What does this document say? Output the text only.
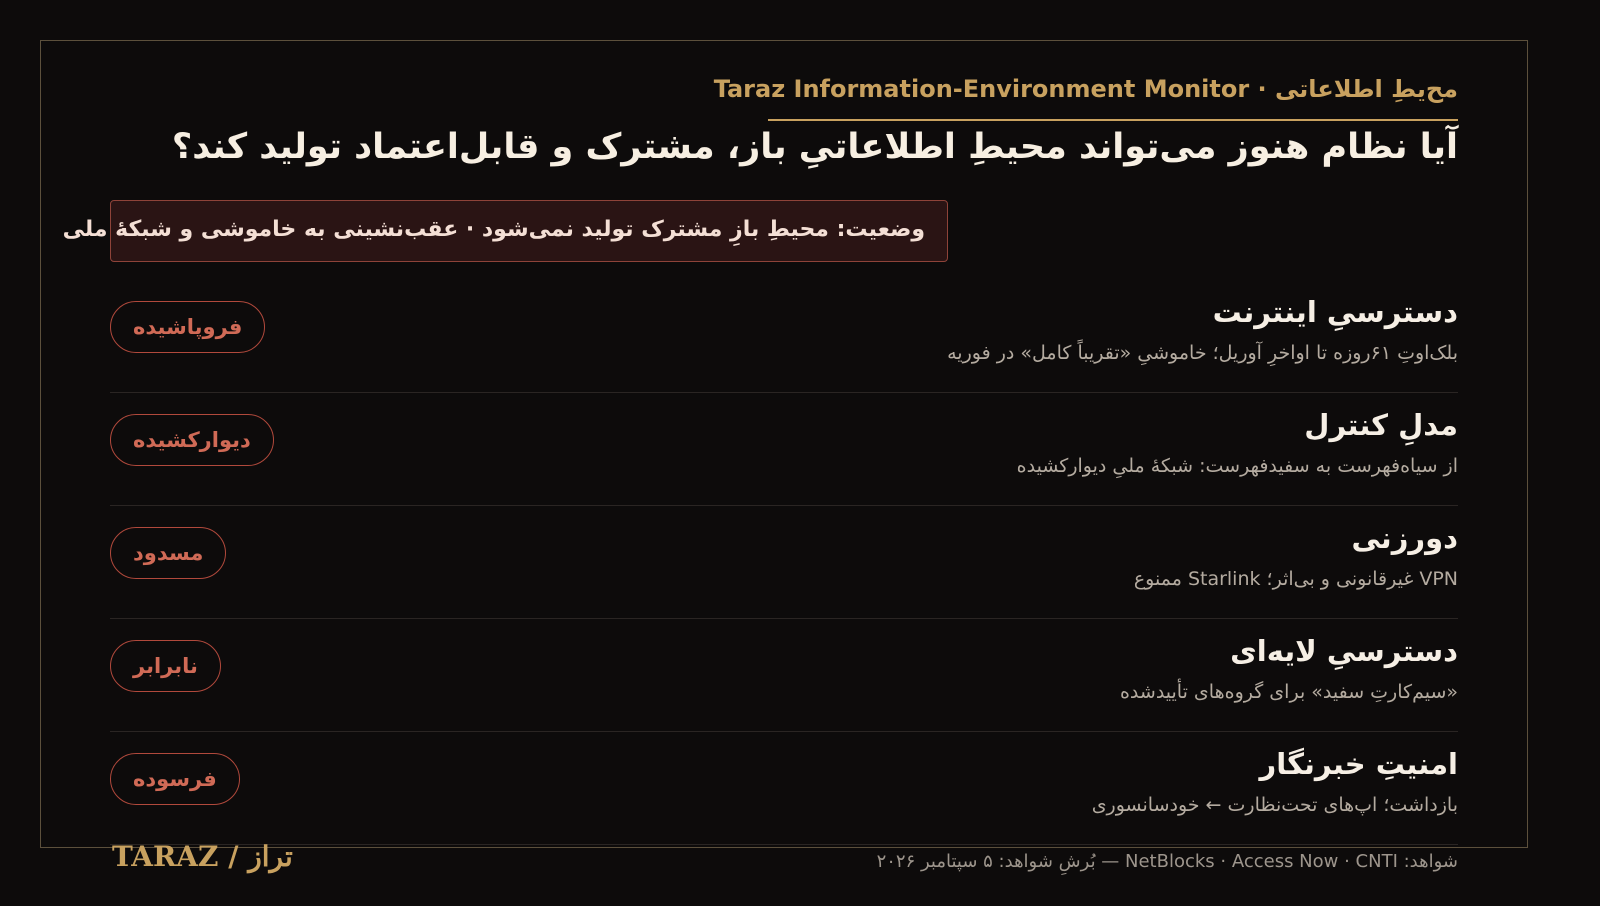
مح‌يطِ اطلاعاتی · Taraz Information-Environment Monitor
آیا نظام هنوز می‌تواند محیطِ اطلاعاتیِ باز، مشترک و قابل‌اعتماد تولید کند؟
وضعیت: محیطِ بازِ مشترک تولید نمی‌شود · عقب‌نشینی به خاموشی و شبکهٔ ملی
دسترسیِ اینترنت
بلک‌اوتِ ۶۱روزه تا اواخرِ آوریل؛ خاموشیِ «تقریباً کامل» در فوریه
فروپاشیده
مدلِ کنترل
از سیاه‌فهرست به سفیدفهرست: شبکهٔ ملیِ دیوارکشیده
دیوارکشیده
دورزنی
VPN غیرقانونی و بی‌اثر؛ Starlink ممنوع
مسدود
دسترسیِ لایه‌ای
«سیم‌کارتِ سفید» برای گروه‌های تأییدشده
نابرابر
امنیتِ خبرنگار
بازداشت؛ اپ‌های تحت‌نظارت ← خودسانسوری
فرسوده
تراز / TARAZ	شواهد: NetBlocks · Access Now · CNTI — بُرشِ شواهد: ۵ سپتامبر ۲۰۲۶
